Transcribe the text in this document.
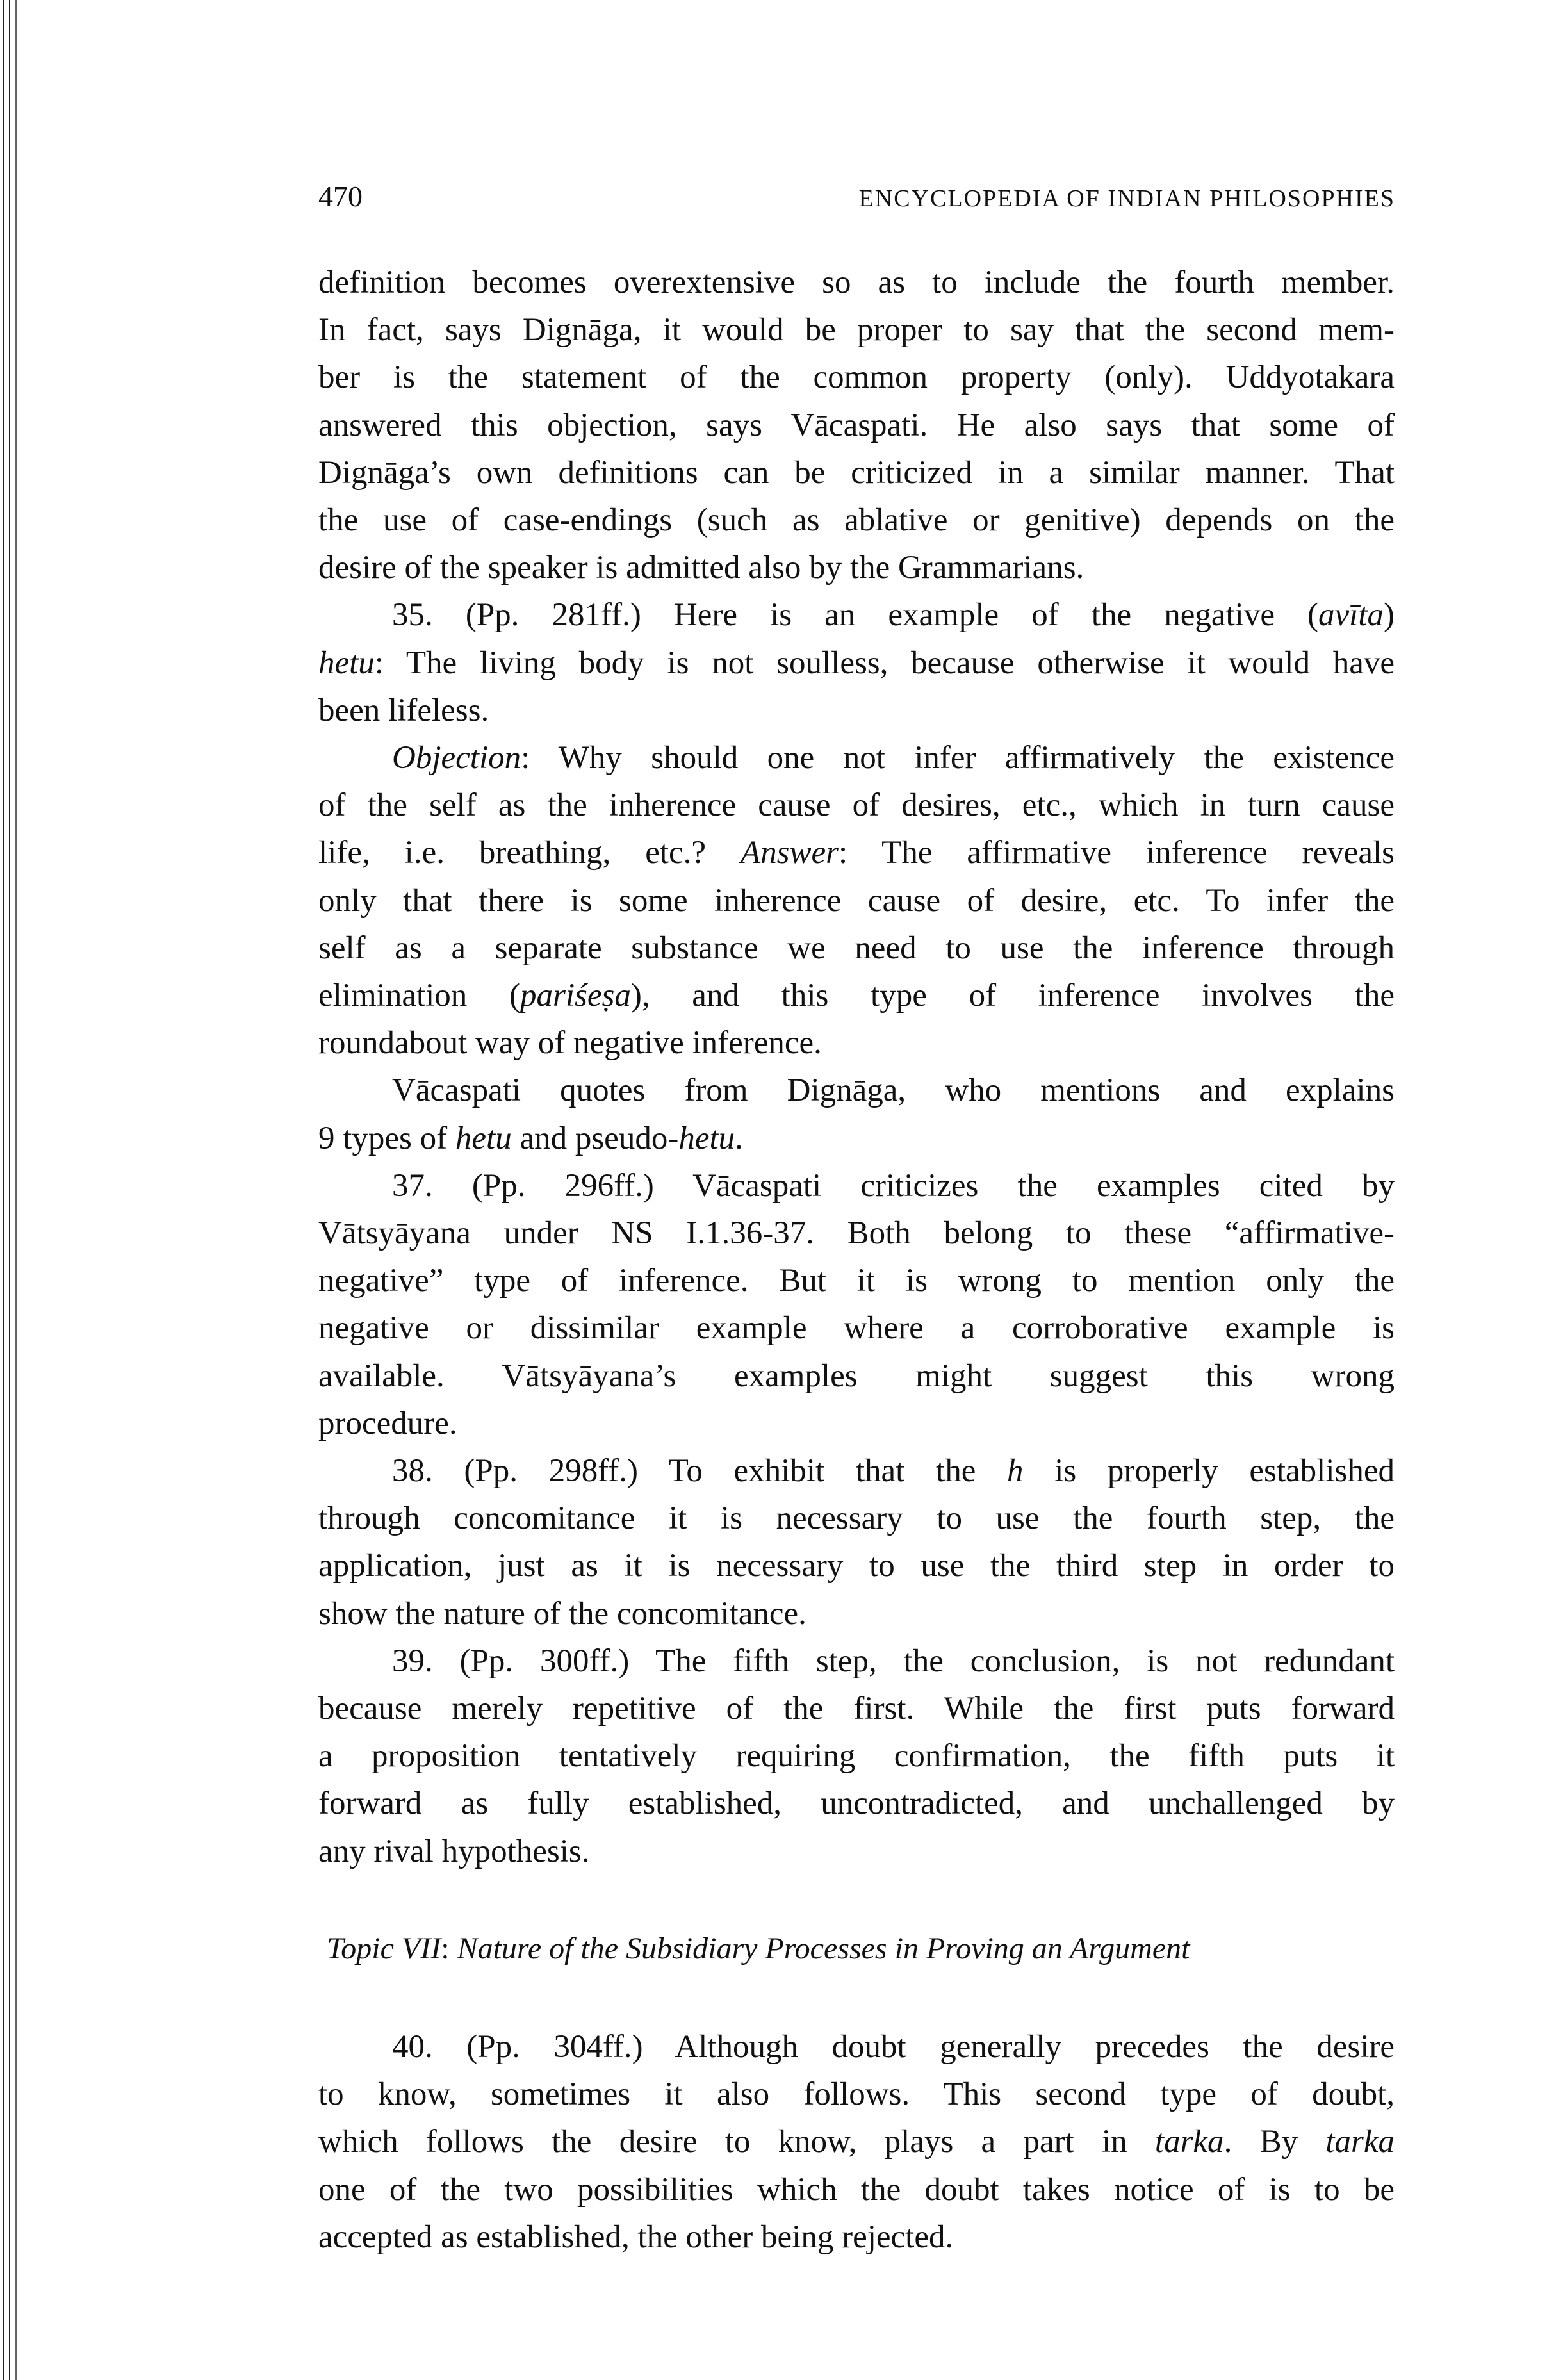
470	ENCYCLOPEDIA OF INDIAN PHILOSOPHIES
definition becomes overextensive so as to include the fourth member.
In fact, says Dignāga, it would be proper to say that the second mem-
ber is the statement of the common property (only). Uddyotakara
answered this objection, says Vācaspati. He also says that some of
Dignāga’s own definitions can be criticized in a similar manner. That
the use of case-endings (such as ablative or genitive) depends on the
desire of the speaker is admitted also by the Grammarians.
35. (Pp. 281ff.) Here is an example of the negative (avīta)
hetu: The living body is not soulless, because otherwise it would have
been lifeless.
Objection: Why should one not infer affirmatively the existence
of the self as the inherence cause of desires, etc., which in turn cause
life, i.e. breathing, etc.? Answer: The affirmative inference reveals
only that there is some inherence cause of desire, etc. To infer the
self as a separate substance we need to use the inference through
elimination (pariśeṣa), and this type of inference involves the
roundabout way of negative inference.
Vācaspati quotes from Dignāga, who mentions and explains
9 types of hetu and pseudo-hetu.
37. (Pp. 296ff.) Vācaspati criticizes the examples cited by
Vātsyāyana under NS I.1.36-37. Both belong to these “affirmative-
negative” type of inference. But it is wrong to mention only the
negative or dissimilar example where a corroborative example is
available. Vātsyāyana’s examples might suggest this wrong
procedure.
38. (Pp. 298ff.) To exhibit that the h is properly established
through concomitance it is necessary to use the fourth step, the
application, just as it is necessary to use the third step in order to
show the nature of the concomitance.
39. (Pp. 300ff.) The fifth step, the conclusion, is not redundant
because merely repetitive of the first. While the first puts forward
a proposition tentatively requiring confirmation, the fifth puts it
forward as fully established, uncontradicted, and unchallenged by
any rival hypothesis.
40. (Pp. 304ff.) Although doubt generally precedes the desire
to know, sometimes it also follows. This second type of doubt,
which follows the desire to know, plays a part in tarka. By tarka
one of the two possibilities which the doubt takes notice of is to be
accepted as established, the other being rejected.
Topic VII: Nature of the Subsidiary Processes in Proving an Argument
